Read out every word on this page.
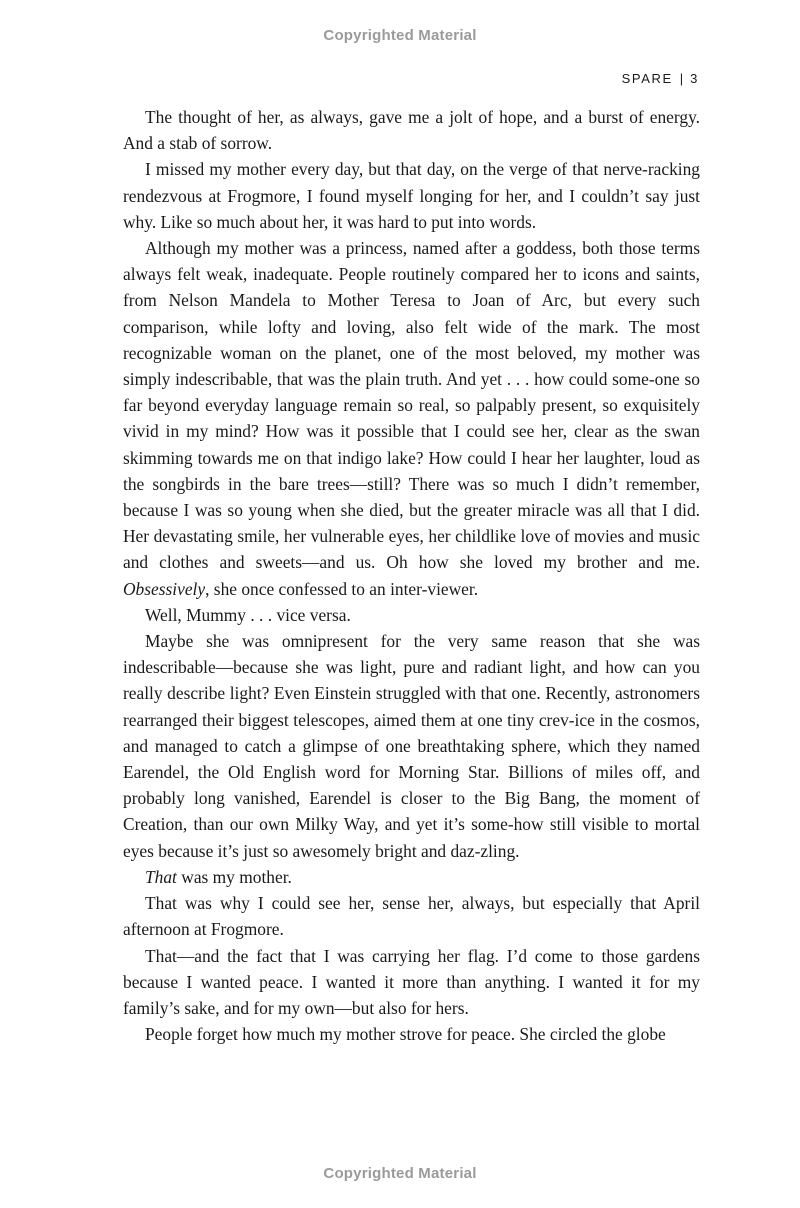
Copyrighted Material
SPARE | 3

The thought of her, as always, gave me a jolt of hope, and a burst of energy. And a stab of sorrow.

I missed my mother every day, but that day, on the verge of that nerve-racking rendezvous at Frogmore, I found myself longing for her, and I couldn’t say just why. Like so much about her, it was hard to put into words.

Although my mother was a princess, named after a goddess, both those terms always felt weak, inadequate. People routinely compared her to icons and saints, from Nelson Mandela to Mother Teresa to Joan of Arc, but every such comparison, while lofty and loving, also felt wide of the mark. The most recognizable woman on the planet, one of the most beloved, my mother was simply indescribable, that was the plain truth. And yet . . . how could some-one so far beyond everyday language remain so real, so palpably present, so exquisitely vivid in my mind? How was it possible that I could see her, clear as the swan skimming towards me on that indigo lake? How could I hear her laughter, loud as the songbirds in the bare trees—still? There was so much I didn’t remember, because I was so young when she died, but the greater miracle was all that I did. Her devastating smile, her vulnerable eyes, her childlike love of movies and music and clothes and sweets—and us. Oh how she loved my brother and me. Obsessively, she once confessed to an inter-viewer.

Well, Mummy . . . vice versa.

Maybe she was omnipresent for the very same reason that she was indescribable—because she was light, pure and radiant light, and how can you really describe light? Even Einstein struggled with that one. Recently, astronomers rearranged their biggest telescopes, aimed them at one tiny crev-ice in the cosmos, and managed to catch a glimpse of one breathtaking sphere, which they named Earendel, the Old English word for Morning Star. Billions of miles off, and probably long vanished, Earendel is closer to the Big Bang, the moment of Creation, than our own Milky Way, and yet it’s some-how still visible to mortal eyes because it’s just so awesomely bright and daz-zling.

That was my mother.

That was why I could see her, sense her, always, but especially that April afternoon at Frogmore.

That—and the fact that I was carrying her flag. I’d come to those gardens because I wanted peace. I wanted it more than anything. I wanted it for my family’s sake, and for my own—but also for hers.

People forget how much my mother strove for peace. She circled the globe

Copyrighted Material
